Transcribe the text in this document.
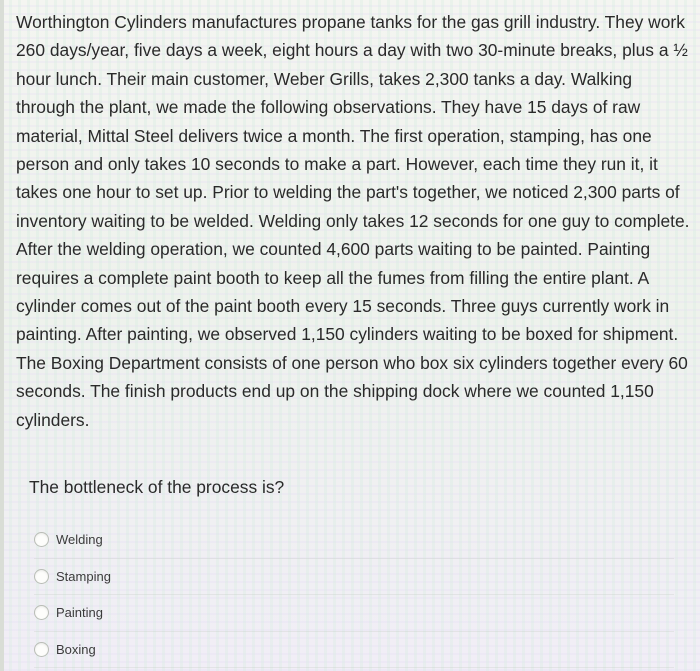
Worthington Cylinders manufactures propane tanks for the gas grill industry. They work 260 days/year, five days a week, eight hours a day with two 30-minute breaks, plus a ½ hour lunch. Their main customer, Weber Grills, takes 2,300 tanks a day. Walking through the plant, we made the following observations. They have 15 days of raw material, Mittal Steel delivers twice a month. The first operation, stamping, has one person and only takes 10 seconds to make a part. However, each time they run it, it takes one hour to set up. Prior to welding the part's together, we noticed 2,300 parts of inventory waiting to be welded. Welding only takes 12 seconds for one guy to complete. After the welding operation, we counted 4,600 parts waiting to be painted. Painting requires a complete paint booth to keep all the fumes from filling the entire plant. A cylinder comes out of the paint booth every 15 seconds. Three guys currently work in painting. After painting, we observed 1,150 cylinders waiting to be boxed for shipment. The Boxing Department consists of one person who box six cylinders together every 60 seconds. The finish products end up on the shipping dock where we counted 1,150 cylinders.

The bottleneck of the process is?

Welding
Stamping
Painting
Boxing
